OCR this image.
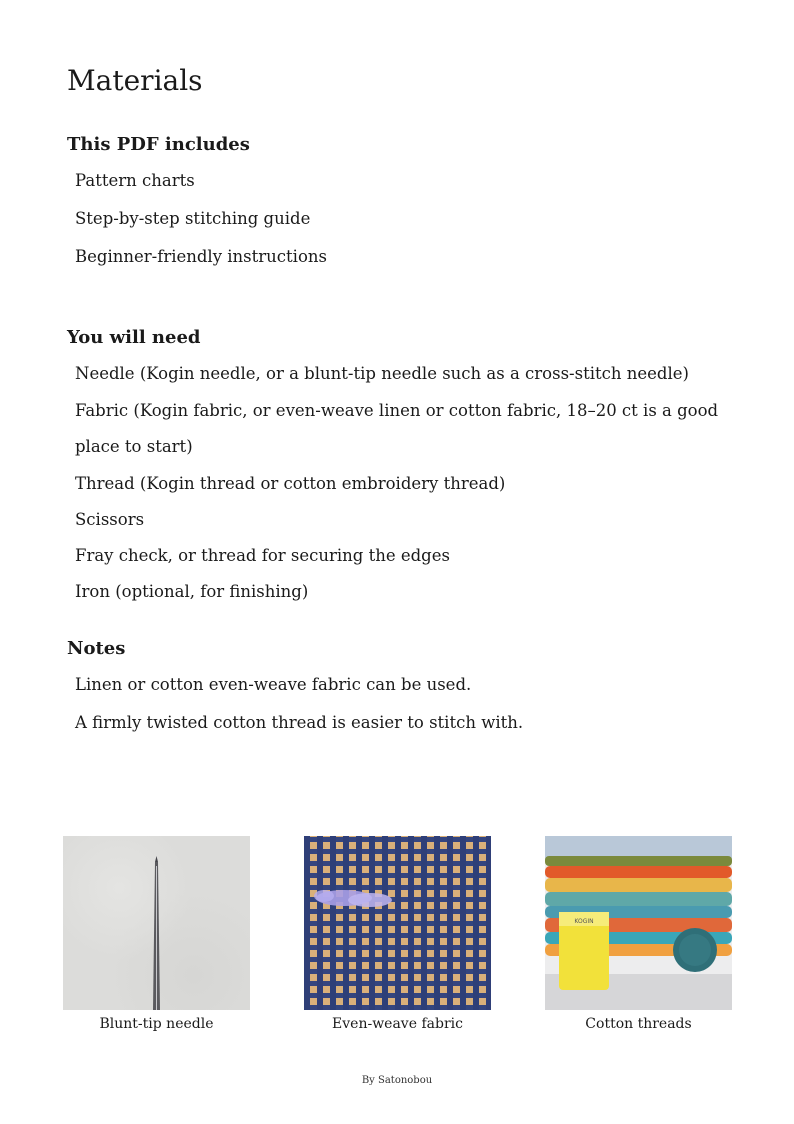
Materials
This PDF includes
Pattern charts
Step-by-step stitching guide
Beginner-friendly instructions
You will need
Needle (Kogin needle, or a blunt-tip needle such as a cross-stitch needle)
Fabric (Kogin fabric, or even-weave linen or cotton fabric, 18–20 ct is a good
place to start)
Thread (Kogin thread or cotton embroidery thread)
Scissors
Fray check, or thread for securing the edges
Iron (optional, for finishing)
Notes
Linen or cotton even-weave fabric can be used.
A firmly twisted cotton thread is easier to stitch with.
Blunt-tip needle	Even-weave fabric
KOGIN
Cotton threads
By Satonobou
